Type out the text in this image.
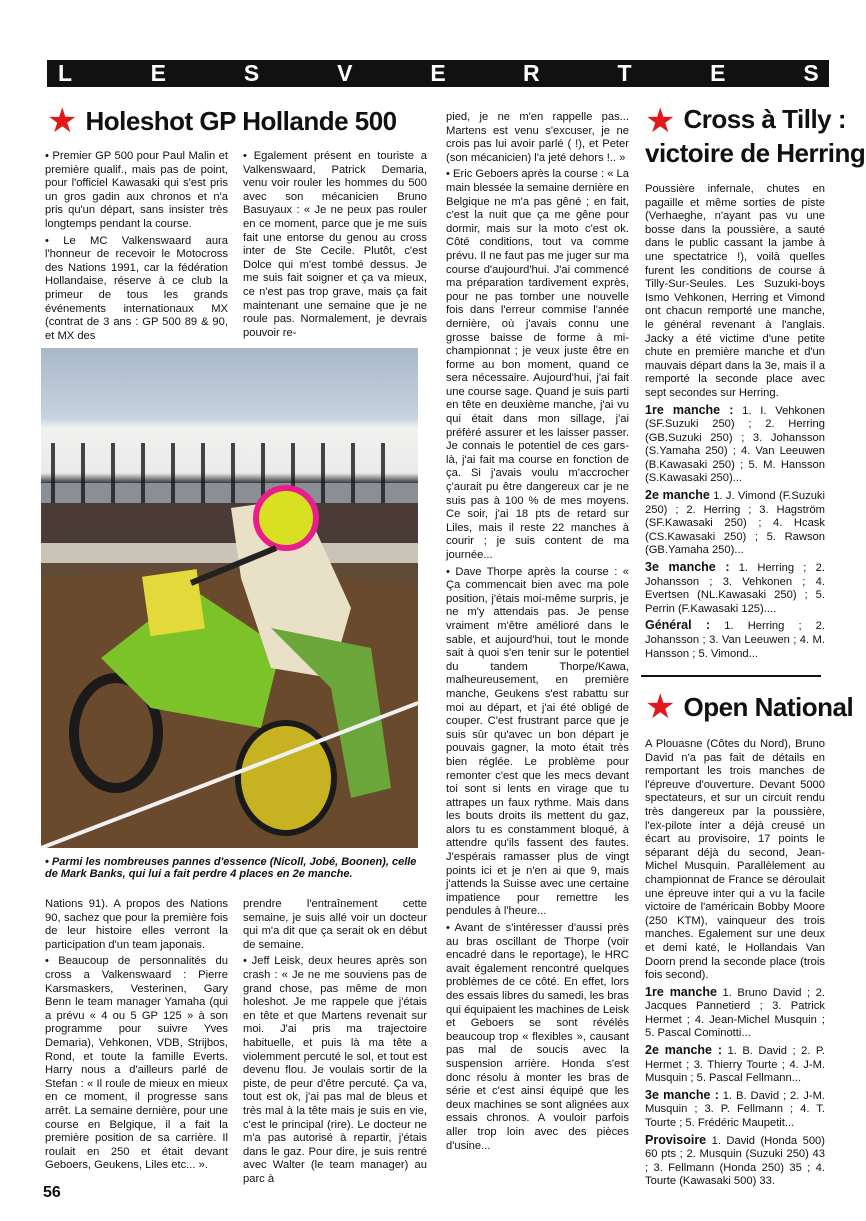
L	E	S	V	E	R	T	E	S
★ Holeshot GP Hollande 500

• Premier GP 500 pour Paul Malin et première qualif., mais pas de point, pour l'officiel Kawasaki qui s'est pris un gros gadin aux chronos et n'a pris qu'un départ, sans insister très longtemps pendant la course.

• Le MC Valkenswaard aura l'honneur de recevoir le Motocross des Nations 1991, car la fédération Hollandaise, réserve à ce club la primeur de tous les grands événements internationaux MX (contrat de 3 ans : GP 500 89 & 90, et MX des

• Egalement présent en touriste a Valkenswaard, Patrick Demaria, venu voir rouler les hommes du 500 avec son mécanicien Bruno Basuyaux : « Je ne peux pas rouler en ce moment, parce que je me suis fait une entorse du genou au cross inter de Ste Cecile. Plutôt, c'est Dolce qui m'est tombé dessus. Je me suis fait soigner et ça va mieux, ce n'est pas trop grave, mais ça fait maintenant une semaine que je ne roule pas. Normalement, je devrais pouvoir re-

• Parmi les nombreuses pannes d'essence (Nicoll, Jobé, Boonen), celle de Mark Banks, qui lui a fait perdre 4 places en 2e manche.

Nations 91). A propos des Nations 90, sachez que pour la première fois de leur histoire elles verront la participation d'un team japonais.

• Beaucoup de personnalités du cross a Valkenswaard : Pierre Karsmaskers, Vesterinen, Gary Benn le team manager Yamaha (qui a prévu « 4 ou 5 GP 125 » à son programme pour suivre Yves Demaria), Vehkonen, VDB, Strijbos, Rond, et toute la famille Everts. Harry nous a d'ailleurs parlé de Stefan : « Il roule de mieux en mieux en ce moment, il progresse sans arrêt. La semaine dernière, pour une course en Belgique, il a fait la première position de sa carrière. Il roulait en 250 et était devant Geboers, Geukens, Liles etc... ».

prendre l'entraînement cette semaine, je suis allé voir un docteur qui m'a dit que ça serait ok en début de semaine.

• Jeff Leisk, deux heures après son crash : « Je ne me souviens pas de grand chose, pas même de mon holeshot. Je me rappele que j'étais en tête et que Martens revenait sur moi. J'ai pris ma trajectoire habituelle, et puis là ma tête a violemment percuté le sol, et tout est devenu flou. Je voulais sortir de la piste, de peur d'être percuté. Ça va, tout est ok, j'ai pas mal de bleus et très mal à la tête mais je suis en vie, c'est le principal (rire). Le docteur ne m'a pas autorisé à repartir, j'étais dans le gaz. Pour dire, je suis rentré avec Walter (le team manager) au parc à

pied, je ne m'en rappelle pas... Martens est venu s'excuser, je ne crois pas lui avoir parlé ( !), et Peter (son mécanicien) l'a jeté dehors !.. »

• Eric Geboers après la course : « La main blessée la semaine dernière en Belgique ne m'a pas gêné ; en fait, c'est la nuit que ça me gêne pour dormir, mais sur la moto c'est ok. Côté conditions, tout va comme prévu. Il ne faut pas me juger sur ma course d'aujourd'hui. J'ai commencé ma préparation tardivement exprès, pour ne pas tomber une nouvelle fois dans l'erreur commise l'année dernière, où j'avais connu une grosse baisse de forme à mi-championnat ; je veux juste être en forme au bon moment, quand ce sera nécessaire. Aujourd'hui, j'ai fait une course sage. Quand je suis parti en tête en deuxième manche, j'ai vu qui était dans mon sillage, j'ai préféré assurer et les laisser passer. Je connais le potentiel de ces gars-là, j'ai fait ma course en fonction de ça. Si j'avais voulu m'accrocher ç'aurait pu être dangereux car je ne suis pas à 100 % de mes moyens. Ce soir, j'ai 18 pts de retard sur Liles, mais il reste 22 manches à courir ; je suis content de ma journée...

• Dave Thorpe après la course : « Ça commencait bien avec ma pole position, j'étais moi-même surpris, je ne m'y attendais pas. Je pense vraiment m'être amélioré dans le sable, et aujourd'hui, tout le monde sait à quoi s'en tenir sur le potentiel du tandem Thorpe/Kawa, malheureusement, en première manche, Geukens s'est rabattu sur moi au départ, et j'ai été obligé de couper. C'est frustrant parce que je suis sûr qu'avec un bon départ je pouvais gagner, la moto était très bien réglée. Le problème pour remonter c'est que les mecs devant toi sont si lents en virage que tu attrapes un faux rythme. Mais dans les bouts droits ils mettent du gaz, alors tu es constamment bloqué, à attendre qu'ils fassent des fautes. J'espérais ramasser plus de vingt points ici et je n'en ai que 9, mais j'attends la Suisse avec une certaine impatience pour remettre les pendules à l'heure...

• Avant de s'intéresser d'aussi près au bras oscillant de Thorpe (voir encadré dans le reportage), le HRC avait également rencontré quelques problèmes de ce côté. En effet, lors des essais libres du samedi, les bras qui équipaient les machines de Leisk et Geboers se sont révélés beaucoup trop « flexibles », causant pas mal de soucis avec la suspension arrière. Honda s'est donc résolu à monter les bras de série et c'est ainsi équipé que les deux machines se sont alignées aux essais chronos. A vouloir parfois aller trop loin avec des pièces d'usine...

★ Cross à Tilly :
victoire de Herring

Poussière infernale, chutes en pagaille et même sorties de piste (Verhaeghe, n'ayant pas vu une bosse dans la poussière, a sauté dans le public cassant la jambe à une spectatrice !), voilà quelles furent les conditions de course à Tilly-Sur-Seules. Les Suzuki-boys Ismo Vehkonen, Herring et Vimond ont chacun remporté une manche, le général revenant à l'anglais. Jacky a été victime d'une petite chute en première manche et d'un mauvais départ dans la 3e, mais il a remporté la seconde place avec sept secondes sur Herring.

1re manche : 1. I. Vehkonen (SF.Suzuki 250) ; 2. Herring (GB.Suzuki 250) ; 3. Johansson (S.Yamaha 250) ; 4. Van Leeuwen (B.Kawasaki 250) ; 5. M. Hansson (S.Kawasaki 250)...

2e manche 1. J. Vimond (F.Suzuki 250) ; 2. Herring ; 3. Hagström (SF.Kawasaki 250) ; 4. Hcask (CS.Kawasaki 250) ; 5. Rawson (GB.Yamaha 250)...

3e manche : 1. Herring ; 2. Johansson ; 3. Vehkonen ; 4. Evertsen (NL.Kawasaki 250) ; 5. Perrin (F.Kawasaki 125)....

Général : 1. Herring ; 2. Johansson ; 3. Van Leeuwen ; 4. M. Hansson ; 5. Vimond...

★ Open National

A Plouasne (Côtes du Nord), Bruno David n'a pas fait de détails en remportant les trois manches de l'épreuve d'ouverture. Devant 5000 spectateurs, et sur un circuit rendu très dangereux par la poussière, l'ex-pilote inter a déjà creusé un écart au provisoire, 17 points le séparant déjà du second, Jean-Michel Musquin. Parallèlement au championnat de France se déroulait une épreuve inter qui a vu la facile victoire de l'américain Bobby Moore (250 KTM), vainqueur des trois manches. Egalement sur une deux et demi katé, le Hollandais Van Doorn prend la seconde place (trois fois second).

1re manche 1. Bruno David ; 2. Jacques Pannetierd ; 3. Patrick Hermet ; 4. Jean-Michel Musquin ; 5. Pascal Cominotti...

2e manche : 1. B. David ; 2. P. Hermet ; 3. Thierry Tourte ; 4. J-M. Musquin ; 5. Pascal Fellmann...

3e manche : 1. B. David ; 2. J-M. Musquin ; 3. P. Fellmann ; 4. T. Tourte ; 5. Frédéric Maupetit...

Provisoire 1. David (Honda 500) 60 pts ; 2. Musquin (Suzuki 250) 43 ; 3. Fellmann (Honda 250) 35 ; 4. Tourte (Kawasaki 500) 33.

56
